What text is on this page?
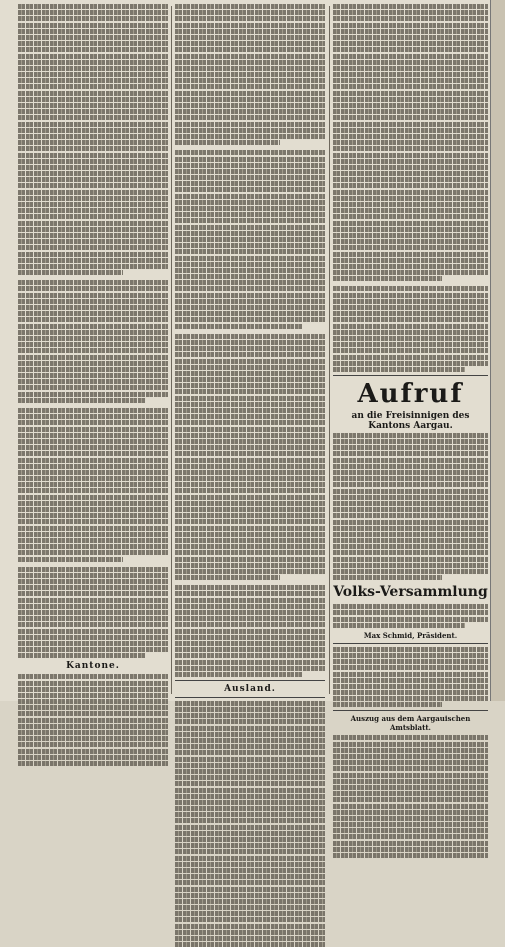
Kantone.
Ausland.
Aufruf
an die Freisinnigen des Kantons Aargau.
Volks-Versammlung
Max Schmid, Präsident.
Auszug aus dem Aargauischen Amtsblatt.
